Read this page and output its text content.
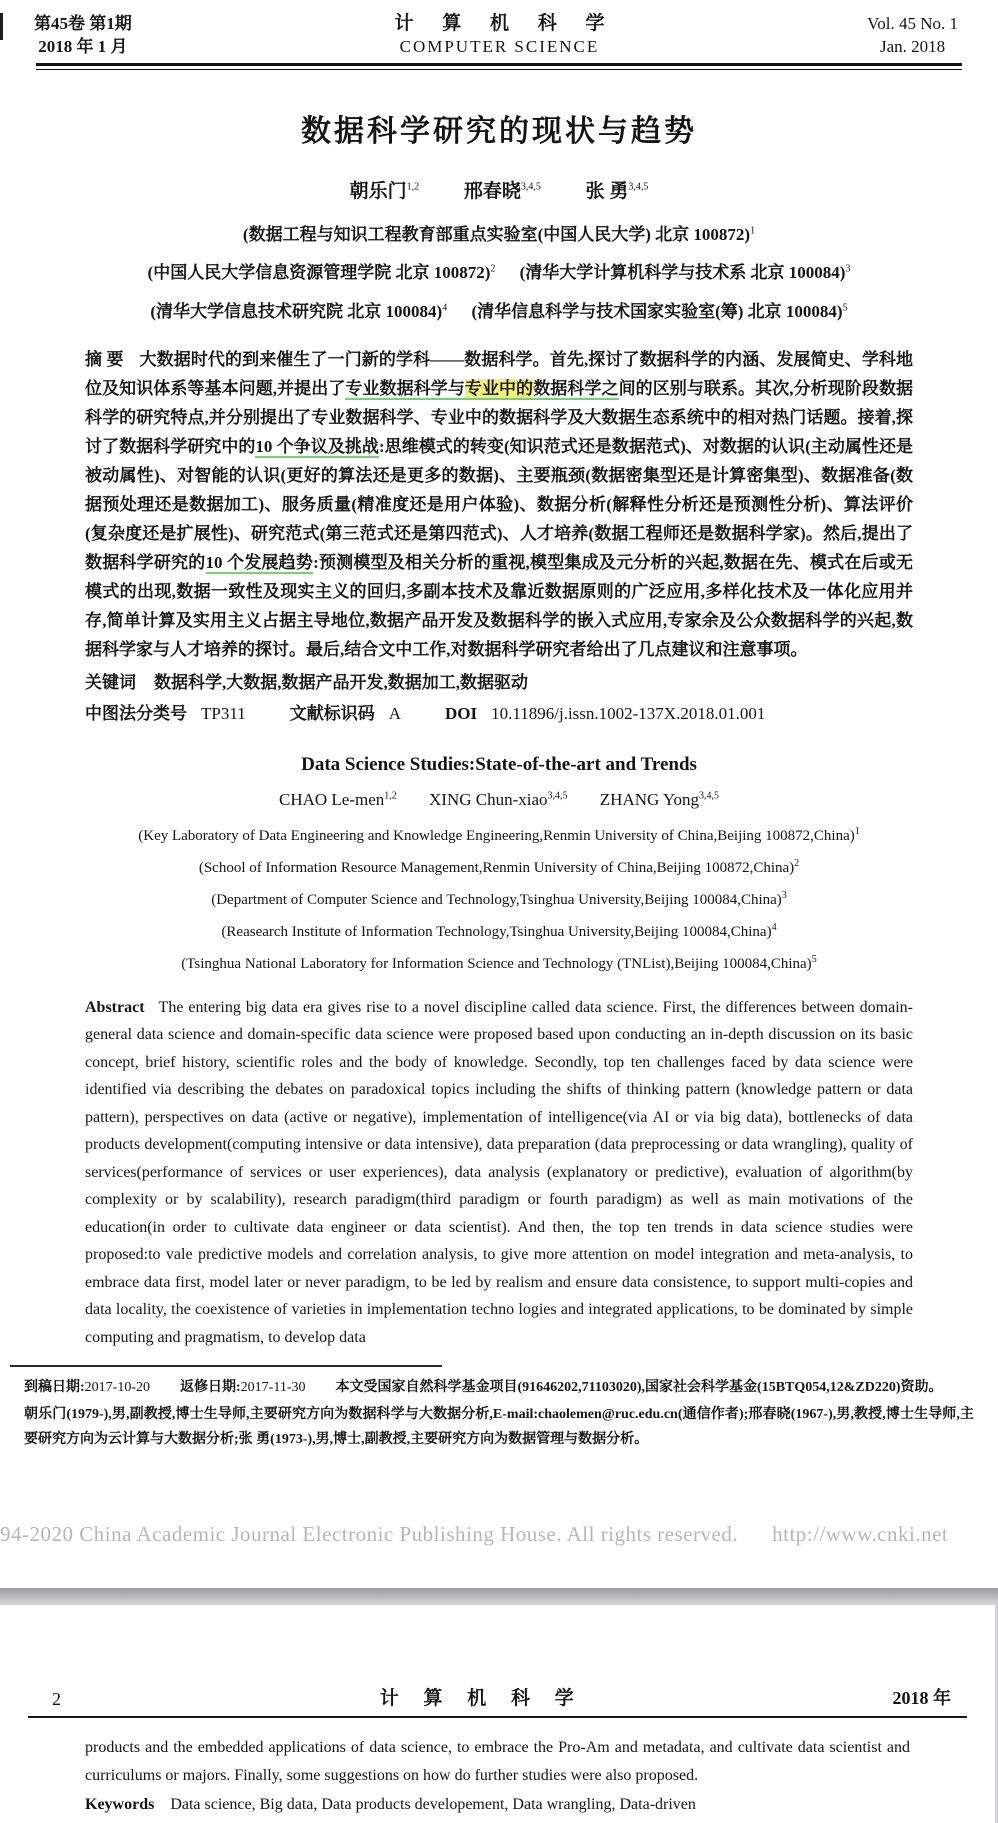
第45卷 第1期
2018 年 1 月
计 算 机 科 学
COMPUTER SCIENCE
Vol. 45 No. 1
Jan. 2018
数据科学研究的现状与趋势
朝乐门$^{1,2}$ 邢春晓$^{3,4,5}$ 张 勇$^{3,4,5}$
(数据工程与知识工程教育部重点实验室(中国人民大学) 北京 100872)$^1$
(中国人民大学信息资源管理学院 北京 100872)$^2$ (清华大学计算机科学与技术系 北京 100084)$^3$
(清华大学信息技术研究院 北京 100084)$^4$ (清华信息科学与技术国家实验室(筹) 北京 100084)$^5$

摘 要 大数据时代的到来催生了一门新的学科——数据科学。首先,探讨了数据科学的内涵、发展简史、学科地位及知识体系等基本问题,并提出了专业数据科学与专业中的数据科学之间的区别与联系。其次,分析现阶段数据科学的研究特点,并分别提出了专业数据科学、专业中的数据科学及大数据生态系统中的相对热门话题。接着,探讨了数据科学研究中的10 个争议及挑战:思维模式的转变(知识范式还是数据范式)、对数据的认识(主动属性还是被动属性)、对智能的认识(更好的算法还是更多的数据)、主要瓶颈(数据密集型还是计算密集型)、数据准备(数据预处理还是数据加工)、服务质量(精准度还是用户体验)、数据分析(解释性分析还是预测性分析)、算法评价(复杂度还是扩展性)、研究范式(第三范式还是第四范式)、人才培养(数据工程师还是数据科学家)。然后,提出了数据科学研究的10 个发展趋势:预测模型及相关分析的重视,模型集成及元分析的兴起,数据在先、模式在后或无模式的出现,数据一致性及现实主义的回归,多副本技术及靠近数据原则的广泛应用,多样化技术及一体化应用并存,简单计算及实用主义占据主导地位,数据产品开发及数据科学的嵌入式应用,专家余及公众数据科学的兴起,数据科学家与人才培养的探讨。最后,结合文中工作,对数据科学研究者给出了几点建议和注意事项。

关键词 数据科学,大数据,数据产品开发,数据加工,数据驱动

中图法分类号 TP311	文献标识码 A	DOI 10.11896/j.issn.1002-137X.2018.01.001

Data Science Studies:State-of-the-art and Trends
CHAO Le-men$^{1,2}$ XING Chun-xiao$^{3,4,5}$ ZHANG Yong$^{3,4,5}$
(Key Laboratory of Data Engineering and Knowledge Engineering,Renmin University of China,Beijing 100872,China)$^1$
(School of Information Resource Management,Renmin University of China,Beijing 100872,China)$^2$
(Department of Computer Science and Technology,Tsinghua University,Beijing 100084,China)$^3$
(Reasearch Institute of Information Technology,Tsinghua University,Beijing 100084,China)$^4$
(Tsinghua National Laboratory for Information Science and Technology (TNList),Beijing 100084,China)$^5$

Abstract The entering big data era gives rise to a novel discipline called data science. First, the differences between domain-general data science and domain-specific data science were proposed based upon conducting an in-depth discussion on its basic concept, brief history, scientific roles and the body of knowledge. Secondly, top ten challenges faced by data science were identified via describing the debates on paradoxical topics including the shifts of thinking pattern (knowledge pattern or data pattern), perspectives on data (active or negative), implementation of intelligence(via AI or via big data), bottlenecks of data products development(computing intensive or data intensive), data preparation (data preprocessing or data wrangling), quality of services(performance of services or user experiences), data analysis (explanatory or predictive), evaluation of algorithm(by complexity or by scalability), research paradigm(third paradigm or fourth paradigm) as well as main motivations of the education(in order to cultivate data engineer or data scientist). And then, the top ten trends in data science studies were proposed:to vale predictive models and correlation analysis, to give more attention on model integration and meta-analysis, to embrace data first, model later or never paradigm, to be led by realism and ensure data consistence, to support multi-copies and data locality, the coexistence of varieties in implementation techno logies and integrated applications, to be dominated by simple computing and pragmatism, to develop data

到稿日期:2017-10-20 返修日期:2017-11-30 本文受国家自然科学基金项目(91646202,71103020),国家社会科学基金(15BTQ054,12&ZD220)资助。
朝乐门(1979-),男,副教授,博士生导师,主要研究方向为数据科学与大数据分析,E-mail:chaolemen@ruc.edu.cn(通信作者);邢春晓(1967-),男,教授,博士生导师,主要研究方向为云计算与大数据分析;张 勇(1973-),男,博士,副教授,主要研究方向为数据管理与数据分析。
94-2020 China Academic Journal Electronic Publishing House. All rights reserved. http://www.cnki.net
2	计 算 机 科 学	2018 年

products and the embedded applications of data science, to embrace the Pro-Am and metadata, and cultivate data scientist and curriculums or majors. Finally, some suggestions on how do further studies were also proposed.

Keywords Data science, Big data, Data products developement, Data wrangling, Data-driven
